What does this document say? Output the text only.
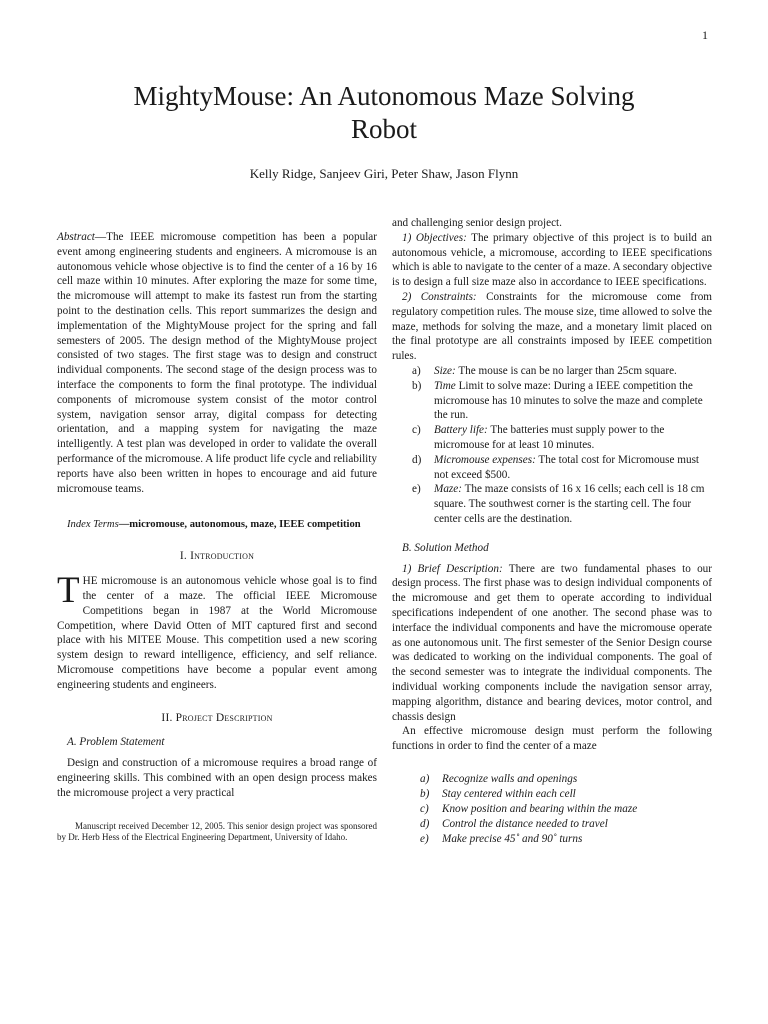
1
MightyMouse: An Autonomous Maze Solving
Robot
Kelly Ridge, Sanjeev Giri, Peter Shaw, Jason Flynn

Abstract—The IEEE micromouse competition has been a popular event among engineering students and engineers. A micromouse is an autonomous vehicle whose objective is to find the center of a 16 by 16 cell maze within 10 minutes. After exploring the maze for some time, the micromouse will attempt to make its fastest run from the starting point to the destination cells. This report summarizes the design and implementation of the MightyMouse project for the spring and fall semesters of 2005. The design method of the MightyMouse project consisted of two stages. The first stage was to design and construct individual components. The second stage of the design process was to interface the components to form the final prototype. The individual components of micromouse system consist of the motor control system, navigation sensor array, digital compass for detecting orientation, and a mapping system for navigating the maze intelligently. A test plan was developed in order to validate the overall performance of the micromouse. A life product life cycle and reliability reports have also been written in hopes to encourage and aid future micromouse teams.

Index Terms—micromouse, autonomous, maze, IEEE competition

I. Introduction

THE micromouse is an autonomous vehicle whose goal is to find the center of a maze. The official IEEE Micromouse Competitions began in 1987 at the World Micromouse Competition, where David Otten of MIT captured first and second place with his MITEE Mouse. This competition used a new scoring system design to reward intelligence, efficiency, and self reliance. Micromouse competitions have become a popular event among engineering students and engineers.

II. Project Description
A. Problem Statement

Design and construction of a micromouse requires a broad range of engineering skills. This combined with an open design process makes the micromouse project a very practical

Manuscript received December 12, 2005. This senior design project was sponsored by Dr. Herb Hess of the Electrical Engineering Department, University of Idaho.

and challenging senior design project.

1) Objectives: The primary objective of this project is to build an autonomous vehicle, a micromouse, according to IEEE specifications which is able to navigate to the center of a maze. A secondary objective is to design a full size maze also in accordance to IEEE specifications.

2) Constraints: Constraints for the micromouse come from regulatory competition rules. The mouse size, time allowed to solve the maze, methods for solving the maze, and a monetary limit placed on the final prototype are all constraints imposed by IEEE competition rules.

a)	Size: The mouse is can be no larger than 25cm square.
b)	Time Limit to solve maze: During a IEEE competition the micromouse has 10 minutes to solve the maze and complete the run.
c)	Battery life: The batteries must supply power to the micromouse for at least 10 minutes.
d)	Micromouse expenses: The total cost for Micromouse must not exceed $500.
e)	Maze: The maze consists of 16 x 16 cells; each cell is 18 cm square. The southwest corner is the starting cell. The four center cells are the destination.
B. Solution Method

1) Brief Description: There are two fundamental phases to our design process. The first phase was to design individual components of the micromouse and get them to operate according to individual specifications independent of one another. The second phase was to interface the individual components and have the micromouse operate as one autonomous unit. The first semester of the Senior Design course was dedicated to working on the individual components. The goal of the second semester was to integrate the individual components. The individual working components include the navigation sensor array, mapping algorithm, distance and bearing devices, motor control, and chassis design

An effective micromouse design must perform the following functions in order to find the center of a maze

a)	Recognize walls and openings
b)	Stay centered within each cell
c)	Know position and bearing within the maze
d)	Control the distance needed to travel
e)	Make precise 45˚ and 90˚ turns
